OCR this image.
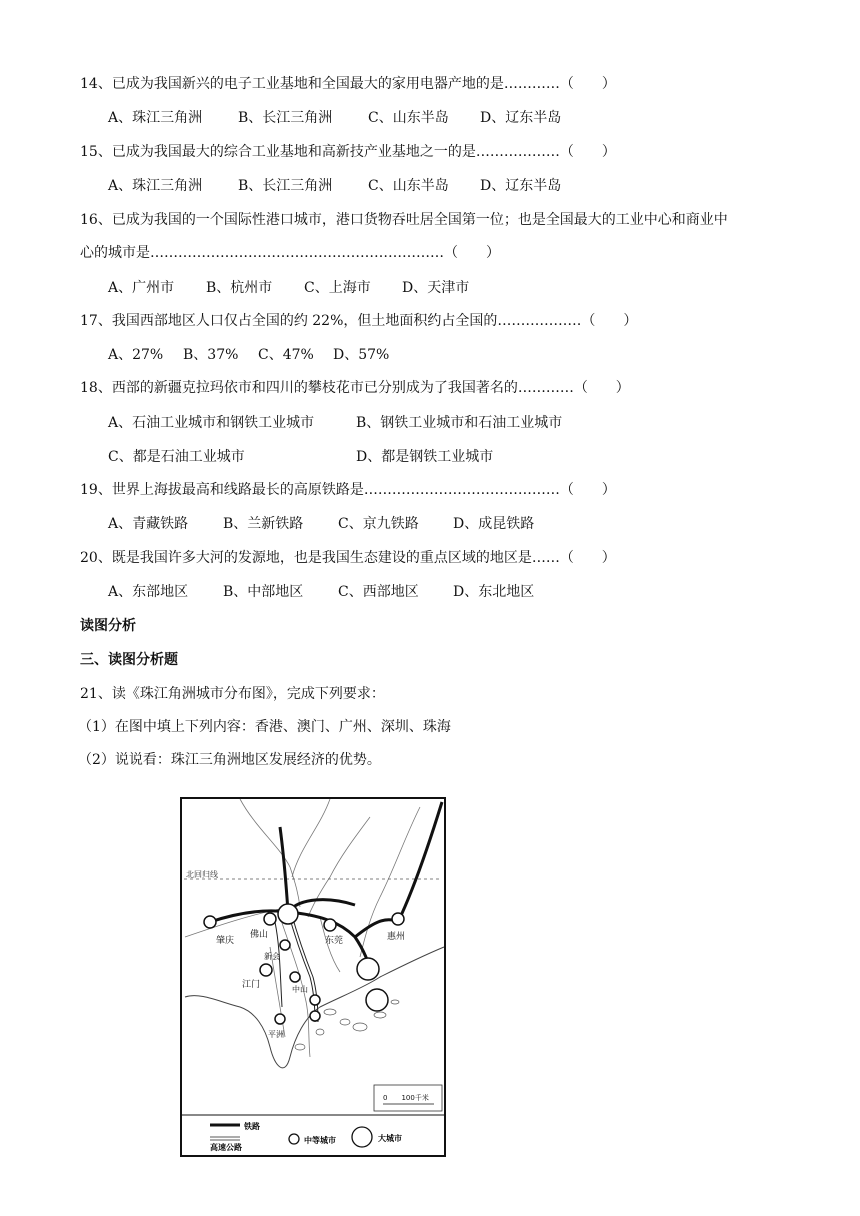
14、已成为我国新兴的电子工业基地和全国最大的家用电器产地的是…………（　　）
A、珠江三角洲	B、长江三角洲	C、山东半岛 D、辽东半岛
15、已成为我国最大的综合工业基地和高新技产业基地之一的是………………（　　）
A、珠江三角洲	B、长江三角洲	C、山东半岛 D、辽东半岛
16、已成为我国的一个国际性港口城市，港口货物吞吐居全国第一位；也是全国最大的工业中心和商业中
心的城市是………………………………………………………（　　）
A、广州市 B、杭州市 C、上海市 D、天津市
17、我国西部地区人口仅占全国的约 22%，但土地面积约占全国的………………（　　）
A、27% B、37% C、47% D、57%
18、西部的新疆克拉玛依市和四川的攀枝花市已分别成为了我国著名的…………（　　）
A、石油工业城市和钢铁工业城市	B、钢铁工业城市和石油工业城市
C、都是石油工业城市	D、都是钢铁工业城市
19、世界上海拔最高和线路最长的高原铁路是……………………………………（　　）
A、青藏铁路 B、兰新铁路 C、京九铁路 D、成昆铁路
20、既是我国许多大河的发源地，也是我国生态建设的重点区域的地区是……（　　）
A、东部地区 B、中部地区 C、西部地区 D、东北地区
读图分析
三、读图分析题
21、读《珠江角洲城市分布图》，完成下列要求：
（1）在图中填上下列内容：香港、澳门、广州、深圳、珠海
（2）说说看：珠江三角洲地区发展经济的优势。
北回归线
肇庆
佛山
东莞	惠州
江门	中山
新会
平洲
0　　100千米
铁路
高速公路
中等城市	大城市
